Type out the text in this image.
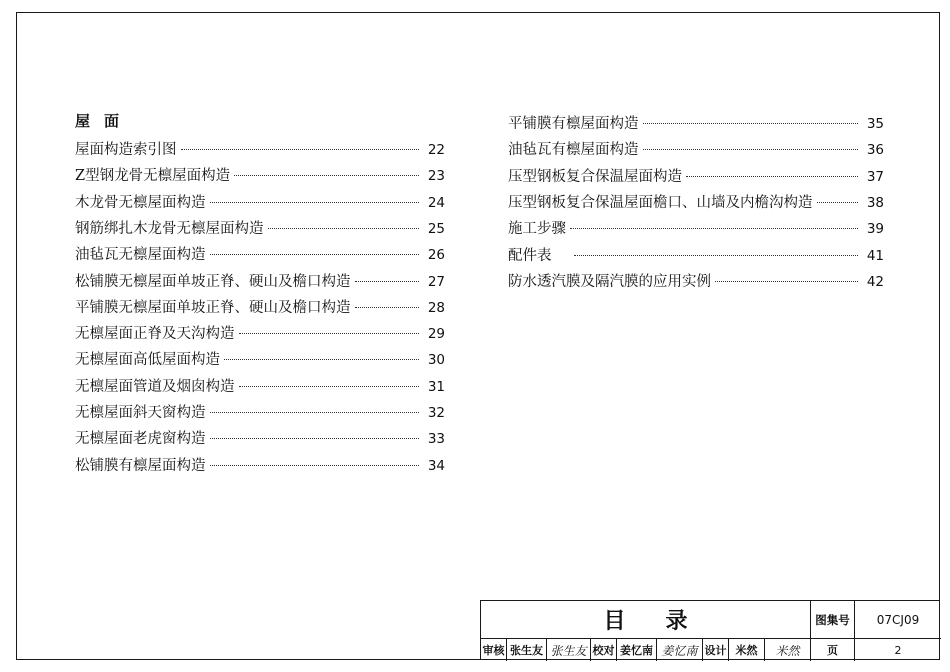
屋面
屋面构造索引图	22
Z型钢龙骨无檩屋面构造	23
木龙骨无檩屋面构造	24
钢筋绑扎木龙骨无檩屋面构造	25
油毡瓦无檩屋面构造	26
松铺膜无檩屋面单坡正脊、硬山及檐口构造	27
平铺膜无檩屋面单坡正脊、硬山及檐口构造	28
无檩屋面正脊及天沟构造	29
无檩屋面高低屋面构造	30
无檩屋面管道及烟囱构造	31
无檩屋面斜天窗构造	32
无檩屋面老虎窗构造	33
松铺膜有檩屋面构造	34
平铺膜有檩屋面构造	35
油毡瓦有檩屋面构造	36
压型钢板复合保温屋面构造	37
压型钢板复合保温屋面檐口、山墙及内檐沟构造	38
施工步骤	39
配件表	41
防水透汽膜及隔汽膜的应用实例	42
目录	图集号	07CJ09
审核 张生友 张生友 校对 姜忆南 姜忆南 设计 米然	米然	页	2
